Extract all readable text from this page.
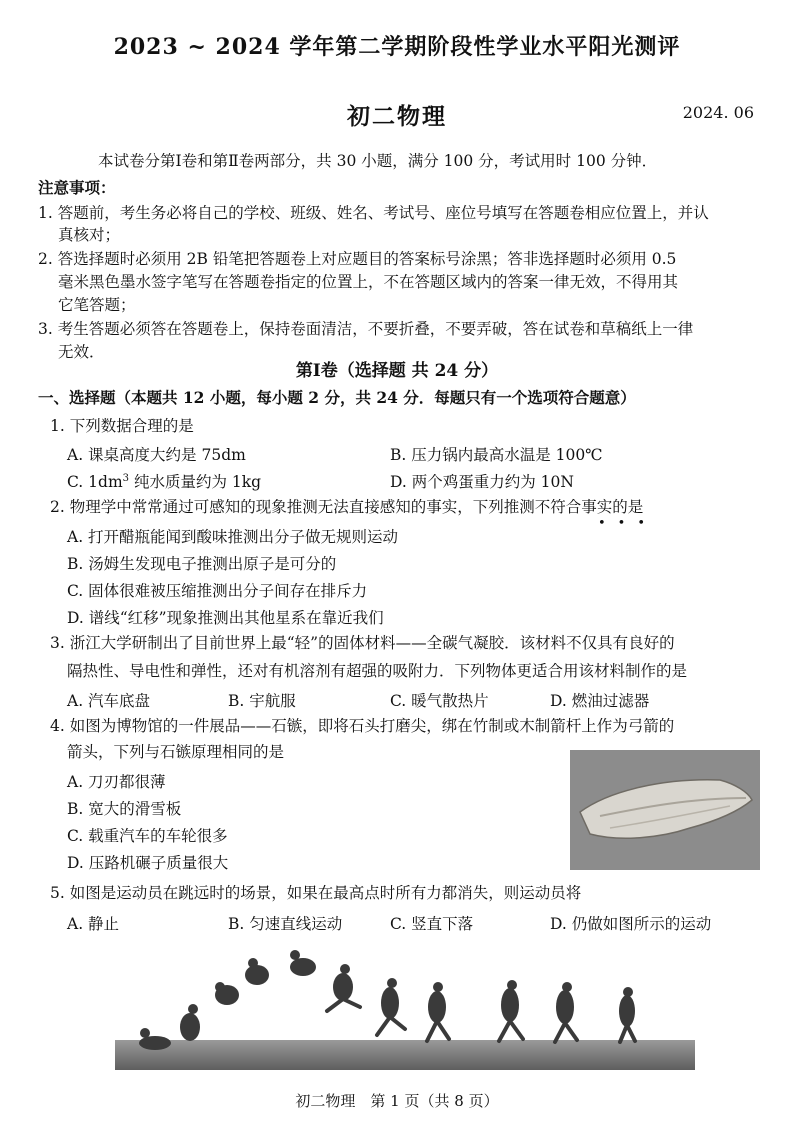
2023 ~ 2024 学年第二学期阶段性学业水平阳光测评
初二物理	2024. 06
本试卷分第Ⅰ卷和第Ⅱ卷两部分，共 30 小题，满分 100 分，考试用时 100 分钟．
注意事项：
1. 答题前，考生务必将自己的学校、班级、姓名、考试号、座位号填写在答题卷相应位置上，并认
真核对；
2. 答选择题时必须用 2B 铅笔把答题卷上对应题目的答案标号涂黑；答非选择题时必须用 0.5
毫米黑色墨水签字笔写在答题卷指定的位置上，不在答题区域内的答案一律无效，不得用其
它笔答题；
3. 考生答题必须答在答题卷上，保持卷面清洁，不要折叠，不要弄破，答在试卷和草稿纸上一律
无效．
第Ⅰ卷（选择题 共 24 分）
一、选择题（本题共 12 小题，每小题 2 分，共 24 分．每题只有一个选项符合题意）
1. 下列数据合理的是
A. 课桌高度大约是 75dm	B. 压力锅内最高水温是 100℃
C. $1dm^3$ 纯水质量约为 1kg	D. 两个鸡蛋重力约为 10N
2. 物理学中常常通过可感知的现象推测无法直接感知的事实，下列推测不符合事实的是
•••
A. 打开醋瓶能闻到酸味推测出分子做无规则运动
B. 汤姆生发现电子推测出原子是可分的
C. 固体很难被压缩推测出分子间存在排斥力
D. 谱线“红移”现象推测出其他星系在靠近我们
3. 浙江大学研制出了目前世界上最“轻”的固体材料——全碳气凝胶．该材料不仅具有良好的
隔热性、导电性和弹性，还对有机溶剂有超强的吸附力．下列物体更适合用该材料制作的是
A. 汽车底盘	B. 宇航服	C. 暖气散热片	D. 燃油过滤器
4. 如图为博物馆的一件展品——石镞，即将石头打磨尖，绑在竹制或木制箭杆上作为弓箭的
箭头，下列与石镞原理相同的是
A. 刀刃都很薄
B. 宽大的滑雪板
C. 载重汽车的车轮很多
D. 压路机碾子质量很大
5. 如图是运动员在跳远时的场景，如果在最高点时所有力都消失，则运动员将
A. 静止	B. 匀速直线运动	C. 竖直下落	D. 仍做如图所示的运动
初二物理　第 1 页（共 8 页）
